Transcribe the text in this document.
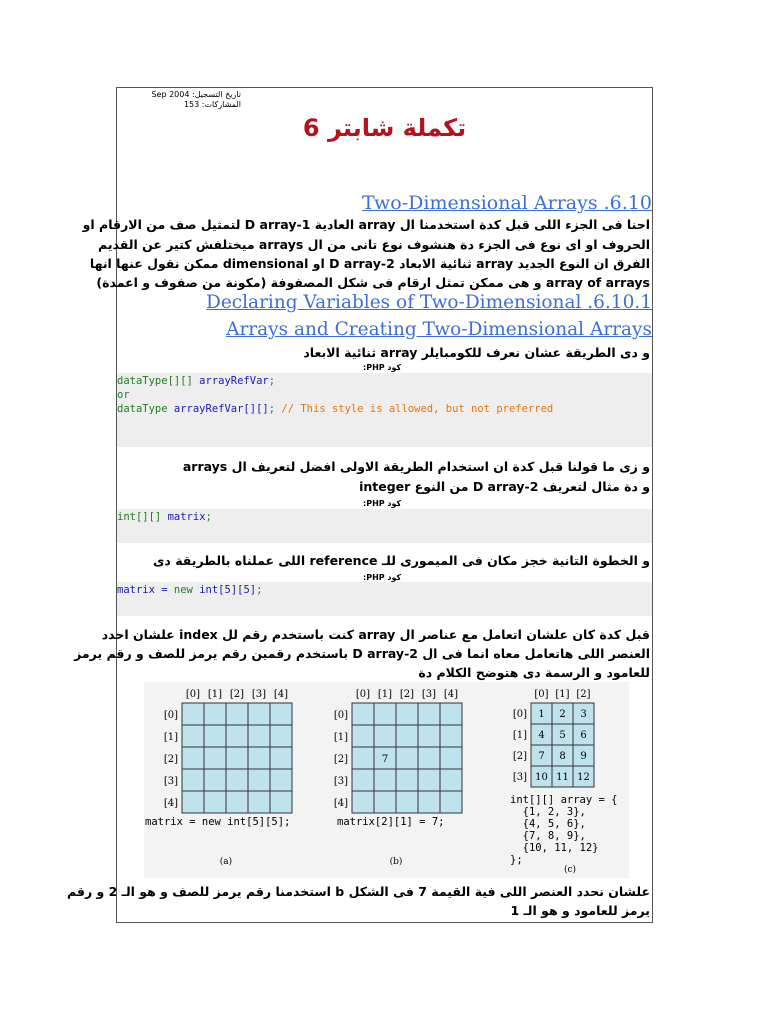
تاريخ التسجيل: Sep 2004
المشاركات: 153
تكملة شابتر 6
Two-Dimensional Arrays .6.10
احنا فى الجزء اللى قبل كدة استخدمنا ال array العادية 1-D array لتمثيل صف من الارقام او
الحروف او اى نوع فى الجزء دة هنشوف نوع تانى من ال arrays ميختلفش كتير عن القديم
الفرق ان النوع الجديد array ثنائية الابعاد 2-D array او dimensional ممكن نقول عنها انها
array of arrays و هى ممكن تمثل ارقام فى شكل المصفوفة (مكونة من صفوف و اعمدة)
Declaring Variables of Two-Dimensional .6.10.1
Arrays and Creating Two-Dimensional Arrays
و دى الطريقة عشان نعرف للكومبايلر array ثنائية الابعاد
كود PHP:
dataType[][] arrayRefVar;
or
dataType arrayRefVar[][]; // This style is allowed, but not preferred
و زى ما قولنا قبل كدة ان استخدام الطريقة الاولى افضل لتعريف ال arrays
و دة مثال لتعريف 2-D array من النوع integer
كود PHP:
int[][] matrix;
و الخطوة التانية خجز مكان فى الميمورى للـ reference اللى عملناه بالطريقة دى
كود PHP:
matrix = new int[5][5];
قبل كدة كان علشان اتعامل مع عناصر ال array كنت باستخدم رقم لل index علشان احدد
العنصر اللى هاتعامل معاه انما فى ال 2-D array باستخدم رقمين رقم يرمز للصف و رقم يرمز
للعامود و الرسمة دى هتوضح الكلام دة
[0] [1] [2] [3] [4]
[0]
[1]
[2]
[3]
[4]
matrix = new int[5][5];
(a)
[0] [1] [2] [3] [4]
[0]
[1]
[2]
[3]
[4]
7
matrix[2][1] = 7;
(b)
[0] [1] [2]
[0]
[1]
[2]
[3]
1 2 3
4 5 6
7 8 9
10 11 12
int[][] array = {
{1, 2, 3},
{4, 5, 6},
{7, 8, 9},
{10, 11, 12}
};
(c)
علشان نحدد العنصر اللى فية القيمة 7 فى الشكل b استخدمنا رقم يرمز للصف و هو الـ 2 و رقم
يرمز للعامود و هو الـ 1
